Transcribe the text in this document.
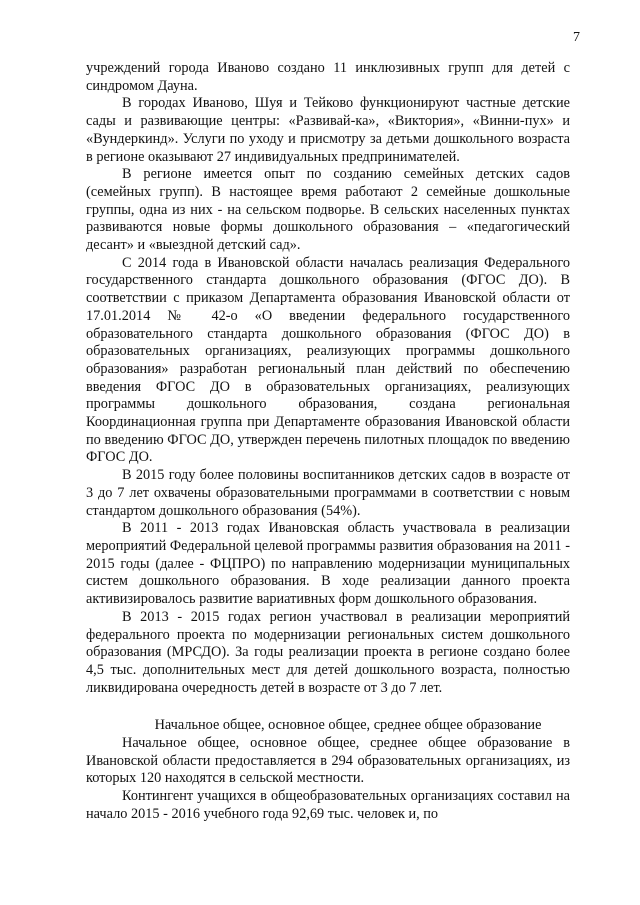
7

учреждений города Иваново создано 11 инклюзивных групп для детей с синдромом Дауна.

В городах Иваново, Шуя и Тейково функционируют частные детские сады и развивающие центры: «Развивай-ка», «Виктория», «Винни-пух» и «Вундеркинд». Услуги по уходу и присмотру за детьми дошкольного возраста в регионе оказывают 27 индивидуальных предпринимателей.

В регионе имеется опыт по созданию семейных детских садов (семейных групп). В настоящее время работают 2 семейные дошкольные группы, одна из них - на сельском подворье. В сельских населенных пунктах развиваются новые формы дошкольного образования – «педагогический десант» и «выездной детский сад».

С 2014 года в Ивановской области началась реализация Федерального государственного стандарта дошкольного образования (ФГОС ДО). В соответствии с приказом Департамента образования Ивановской области от 17.01.2014 № 42-о «О введении федерального государственного образовательного стандарта дошкольного образования (ФГОС ДО) в образовательных организациях, реализующих программы дошкольного образования» разработан региональный план действий по обеспечению введения ФГОС ДО в образовательных организациях, реализующих программы дошкольного образования, создана региональная Координационная группа при Департаменте образования Ивановской области по введению ФГОС ДО, утвержден перечень пилотных площадок по введению ФГОС ДО.

В 2015 году более половины воспитанников детских садов в возрасте от 3 до 7 лет охвачены образовательными программами в соответствии с новым стандартом дошкольного образования (54%).

В 2011 - 2013 годах Ивановская область участвовала в реализации мероприятий Федеральной целевой программы развития образования на 2011 - 2015 годы (далее - ФЦПРО) по направлению модернизации муниципальных систем дошкольного образования. В ходе реализации данного проекта активизировалось развитие вариативных форм дошкольного образования.

В 2013 - 2015 годах регион участвовал в реализации мероприятий федерального проекта по модернизации региональных систем дошкольного образования (МРСДО). За годы реализации проекта в регионе создано более 4,5 тыс. дополнительных мест для детей дошкольного возраста, полностью ликвидирована очередность детей в возрасте от 3 до 7 лет.

Начальное общее, основное общее, среднее общее образование

Начальное общее, основное общее, среднее общее образование в Ивановской области предоставляется в 294 образовательных организациях, из которых 120 находятся в сельской местности.

Контингент учащихся в общеобразовательных организациях составил на начало 2015 - 2016 учебного года 92,69 тыс. человек и, по
